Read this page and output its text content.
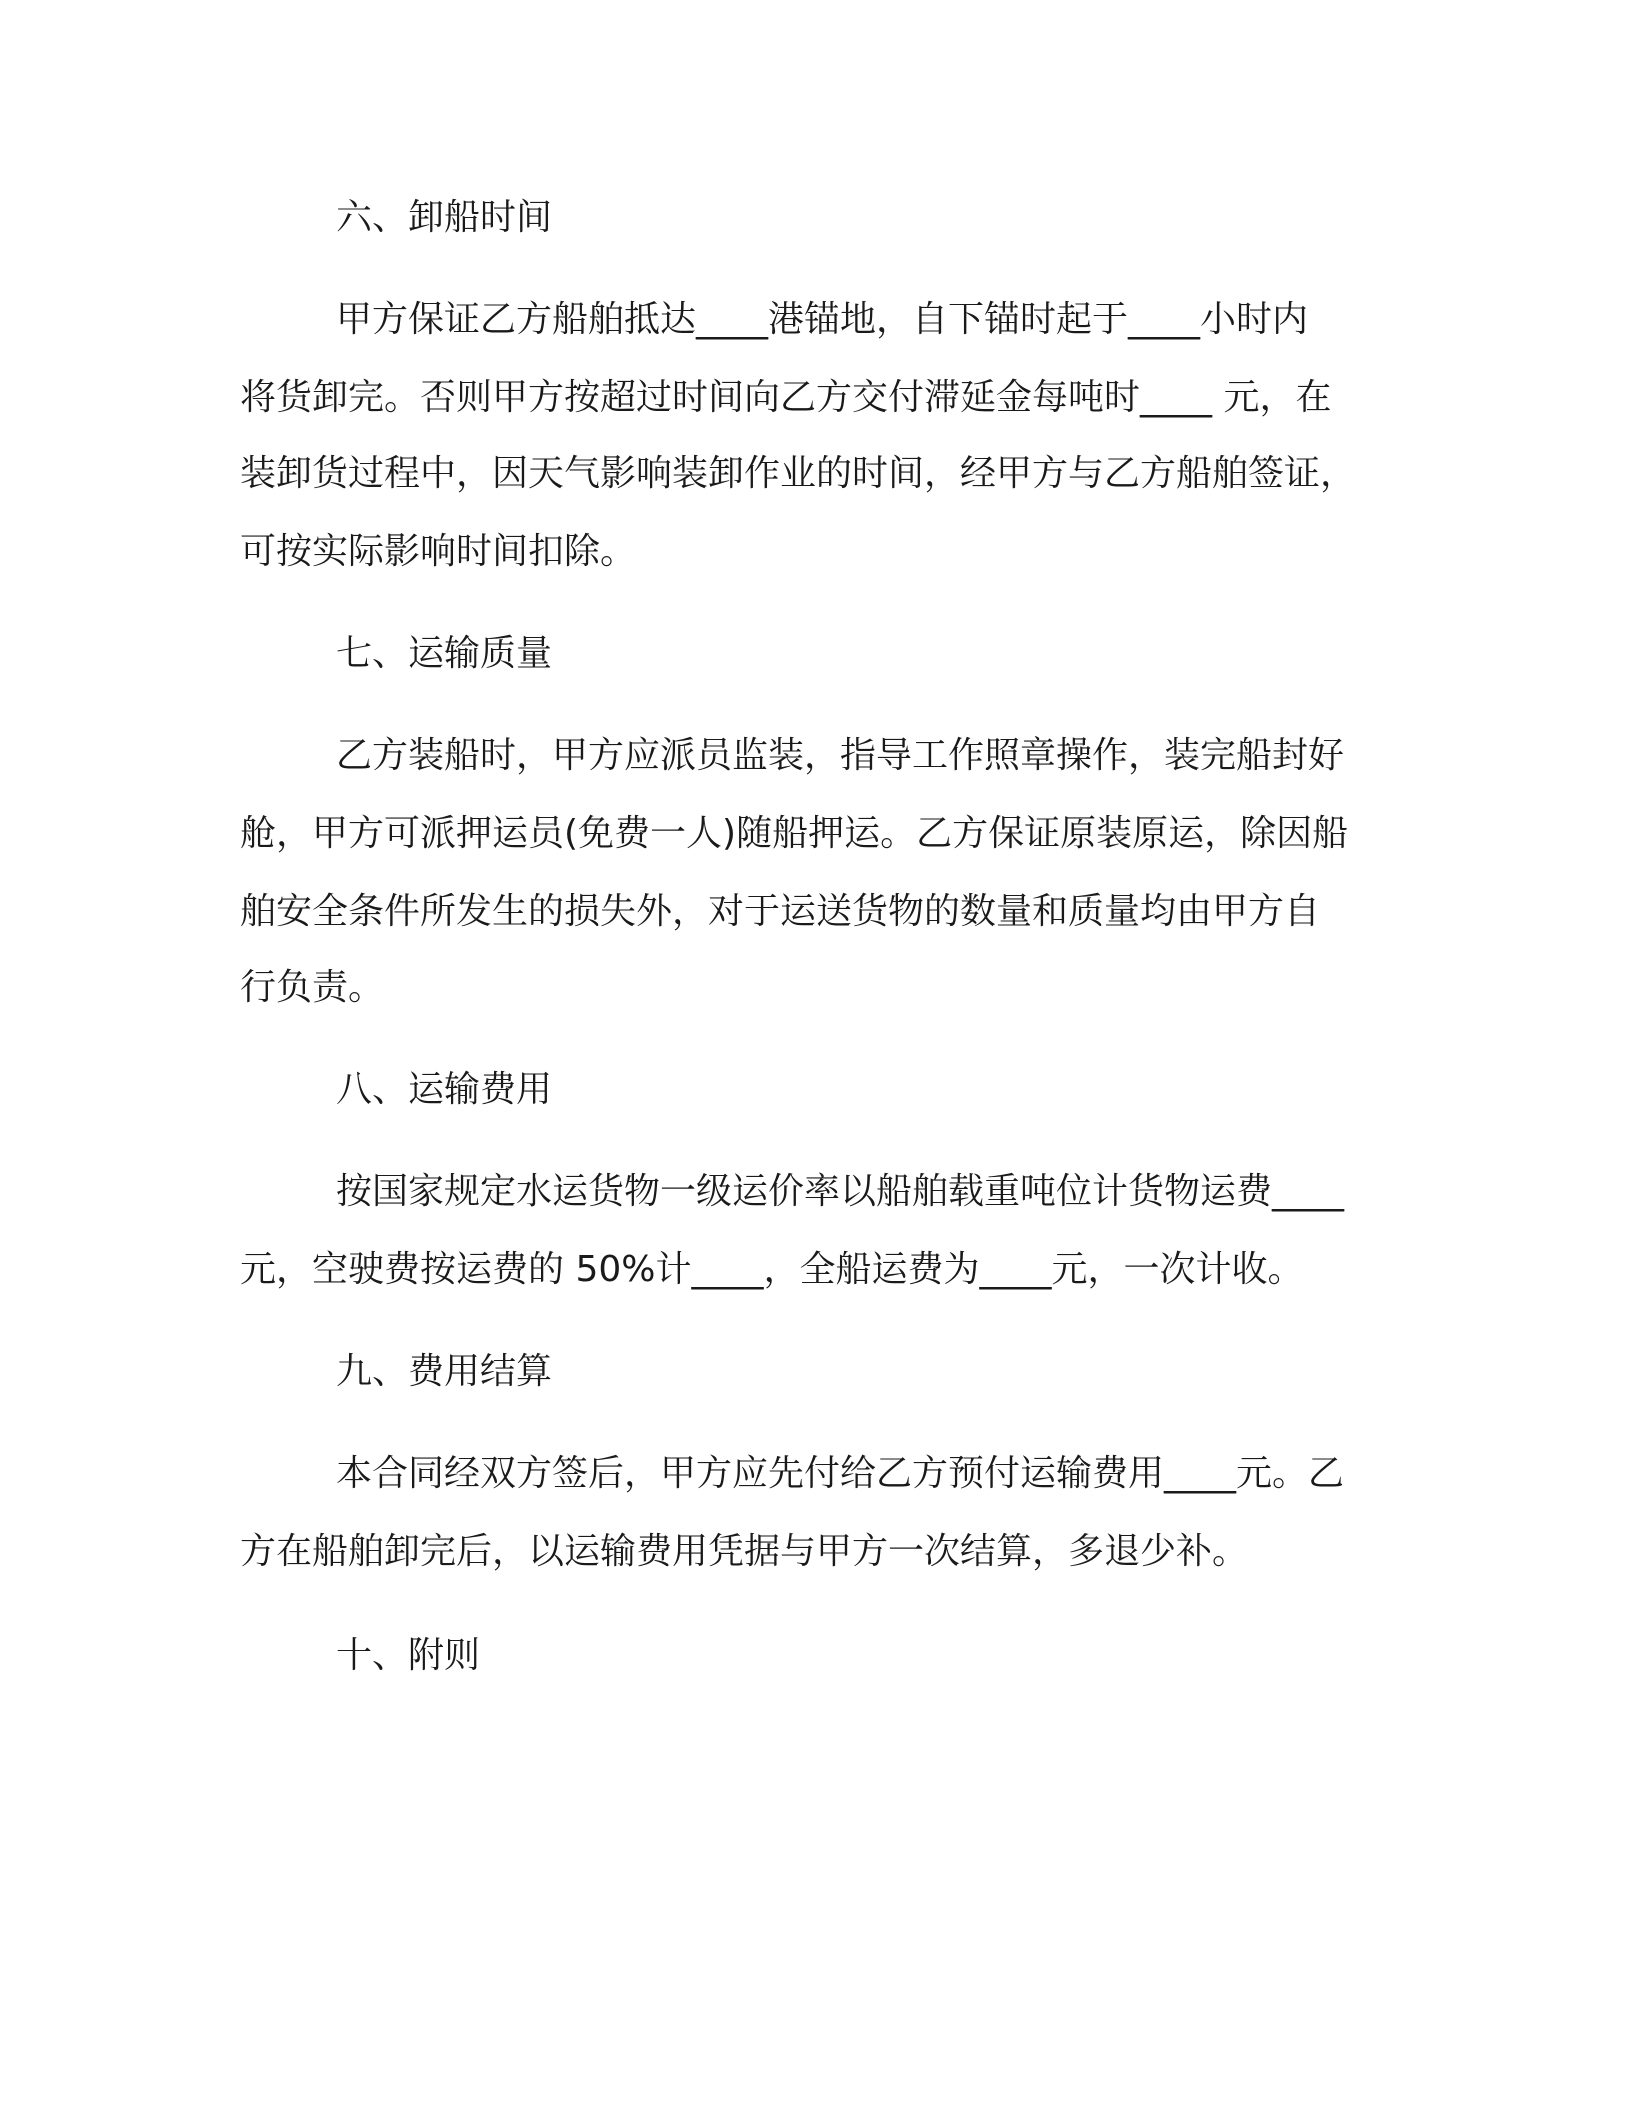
六、卸船时间
甲方保证乙方船舶抵达____港锚地，自下锚时起于____小时内
将货卸完。否则甲方按超过时间向乙方交付滞延金每吨时____ 元，在
装卸货过程中，因天气影响装卸作业的时间，经甲方与乙方船舶签证，
可按实际影响时间扣除。
七、运输质量
乙方装船时，甲方应派员监装，指导工作照章操作，装完船封好
舱，甲方可派押运员(免费一人)随船押运。乙方保证原装原运，除因船
舶安全条件所发生的损失外，对于运送货物的数量和质量均由甲方自
行负责。
八、运输费用
按国家规定水运货物一级运价率以船舶载重吨位计货物运费____
元，空驶费按运费的 50%计____，全船运费为____元，一次计收。
九、费用结算
本合同经双方签后，甲方应先付给乙方预付运输费用____元。乙
方在船舶卸完后，以运输费用凭据与甲方一次结算，多退少补。
十、附则
